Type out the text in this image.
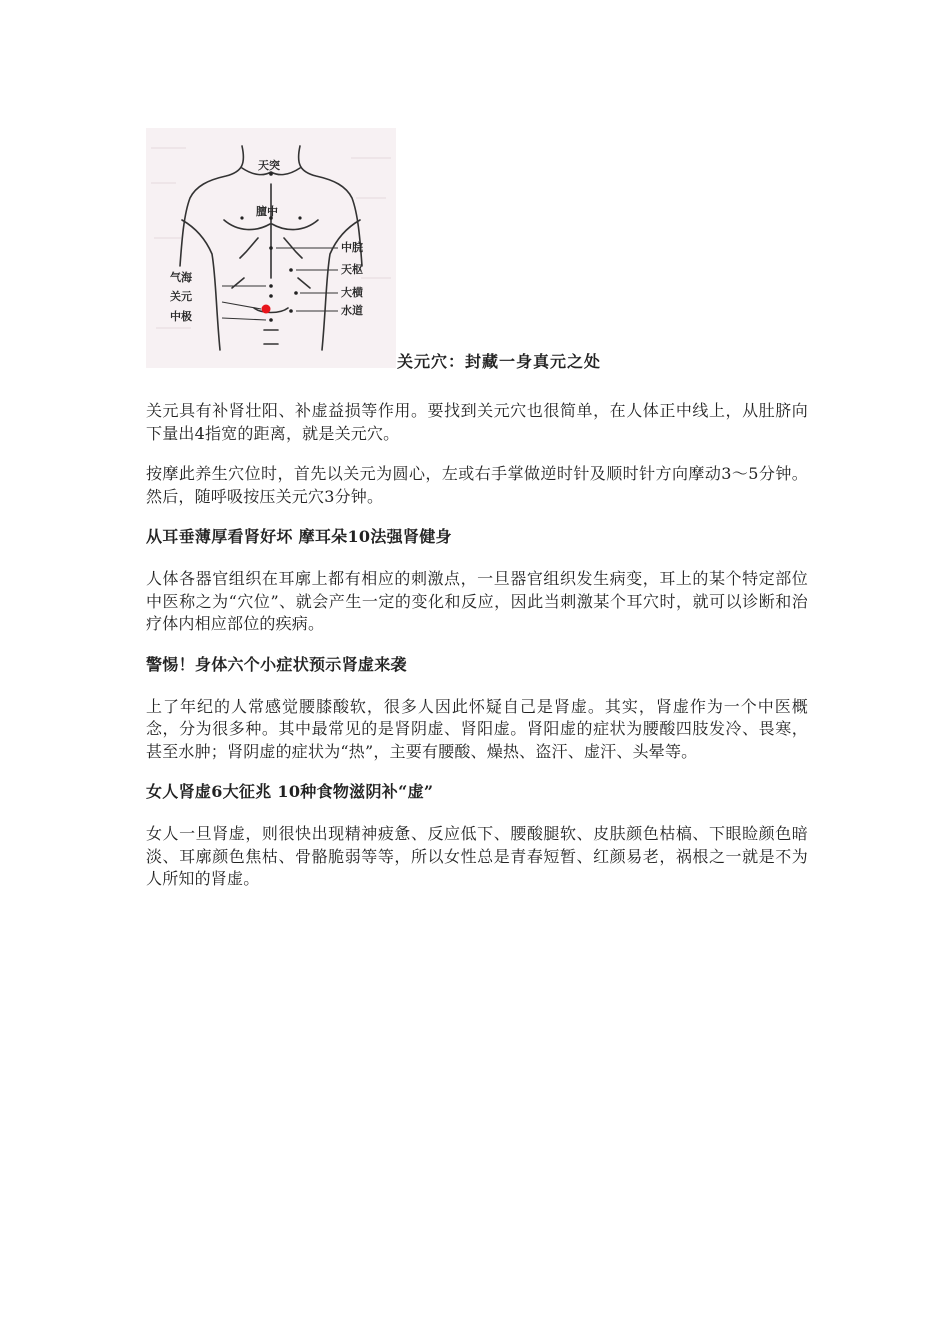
天突
膻中
中脘
天枢
大横
水道
气海
关元
中极
关元穴：封藏一身真元之处

关元具有补肾壮阳、补虚益损等作用。要找到关元穴也很简单，在人体正中线上，从肚脐向下量出4指宽的距离，就是关元穴。

按摩此养生穴位时，首先以关元为圆心，左或右手掌做逆时针及顺时针方向摩动3～5分钟。然后，随呼吸按压关元穴3分钟。

从耳垂薄厚看肾好坏 摩耳朵10法强肾健身

人体各器官组织在耳廓上都有相应的刺激点，一旦器官组织发生病变，耳上的某个特定部位中医称之为“穴位”、就会产生一定的变化和反应，因此当刺激某个耳穴时，就可以诊断和治疗体内相应部位的疾病。

警惕！身体六个小症状预示肾虚来袭

上了年纪的人常感觉腰膝酸软，很多人因此怀疑自己是肾虚。其实，肾虚作为一个中医概念，分为很多种。其中最常见的是肾阴虚、肾阳虚。肾阳虚的症状为腰酸四肢发冷、畏寒，甚至水肿；肾阴虚的症状为“热”，主要有腰酸、燥热、盗汗、虚汗、头晕等。

女人肾虚6大征兆 10种食物滋阴补“虚”

女人一旦肾虚，则很快出现精神疲惫、反应低下、腰酸腿软、皮肤颜色枯槁、下眼睑颜色暗淡、耳廓颜色焦枯、骨骼脆弱等等，所以女性总是青春短暂、红颜易老，祸根之一就是不为人所知的肾虚。
